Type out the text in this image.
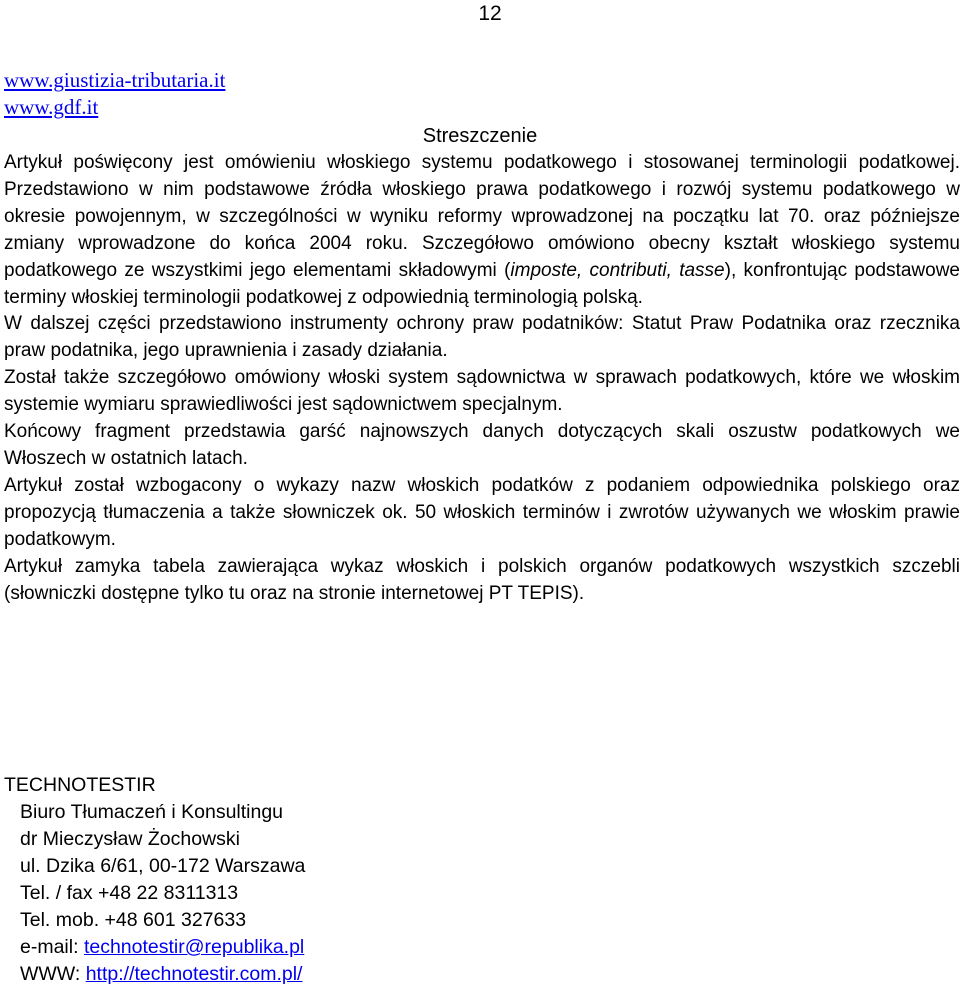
12
www.giustizia-tributaria.it
www.gdf.it
Streszczenie

Artykuł poświęcony jest omówieniu włoskiego systemu podatkowego i stosowanej terminologii podatkowej. Przedstawiono w nim podstawowe źródła włoskiego prawa podatkowego i rozwój systemu podatkowego w okresie powojennym, w szczególności w wyniku reformy wprowadzonej na początku lat 70. oraz późniejsze zmiany wprowadzone do końca 2004 roku. Szczegółowo omówiono obecny kształt włoskiego systemu podatkowego ze wszystkimi jego elementami składowymi (imposte, contributi, tasse), konfrontując podstawowe terminy włoskiej terminologii podatkowej z odpowiednią terminologią polską.

W dalszej części przedstawiono instrumenty ochrony praw podatników: Statut Praw Podatnika oraz rzecznika praw podatnika, jego uprawnienia i zasady działania.

Został także szczegółowo omówiony włoski system sądownictwa w sprawach podatkowych, które we włoskim systemie wymiaru sprawiedliwości jest sądownictwem specjalnym.

Końcowy fragment przedstawia garść najnowszych danych dotyczących skali oszustw podatkowych we Włoszech w ostatnich latach.

Artykuł został wzbogacony o wykazy nazw włoskich podatków z podaniem odpowiednika polskiego oraz propozycją tłumaczenia a także słowniczek ok. 50 włoskich terminów i zwrotów używanych we włoskim prawie podatkowym.

Artykuł zamyka tabela zawierająca wykaz włoskich i polskich organów podatkowych wszystkich szczebli (słowniczki dostępne tylko tu oraz na stronie internetowej PT TEPIS).

TECHNOTESTIR
Biuro Tłumaczeń i Konsultingu
dr Mieczysław Żochowski
ul. Dzika 6/61, 00-172 Warszawa
Tel. / fax +48 22 8311313
Tel. mob. +48 601 327633
e-mail: technotestir@republika.pl
WWW: http://technotestir.com.pl/
